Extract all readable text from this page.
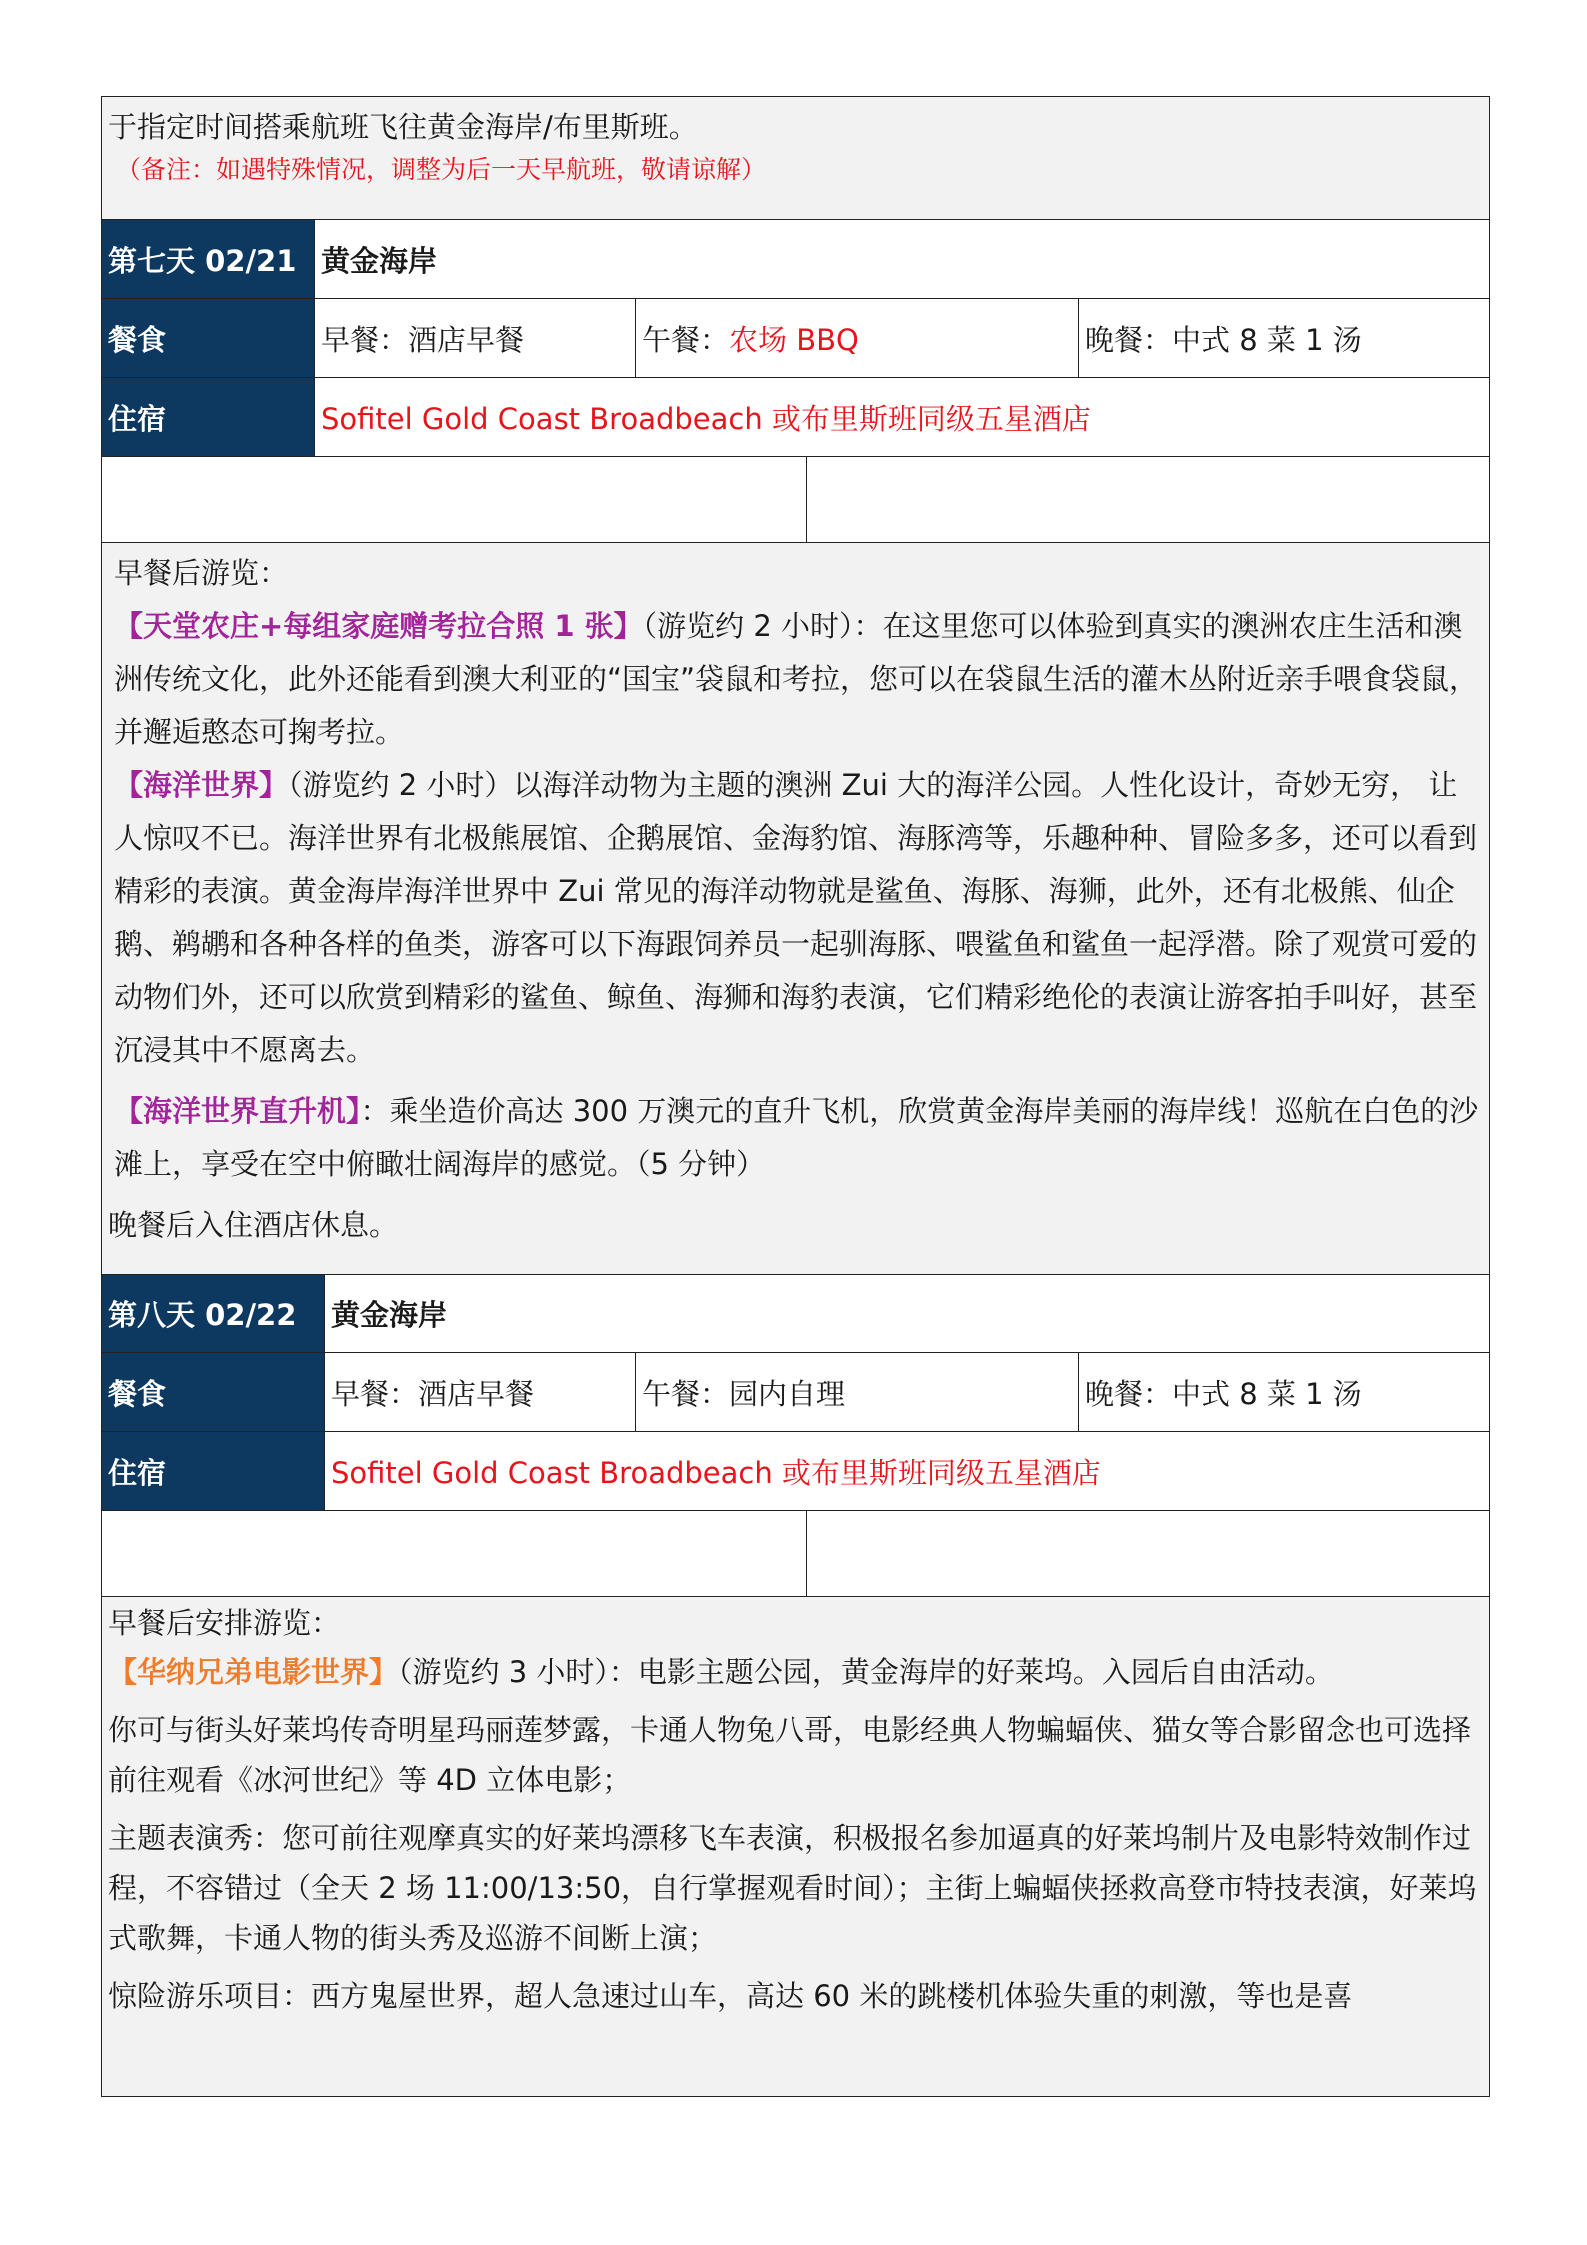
于指定时间搭乘航班飞往黄金海岸/布里斯班。

（备注：如遇特殊情况，调整为后一天早航班，敬请谅解）

第七天 02/21 黄金海岸
餐食	早餐：酒店早餐	午餐： 农场 BBQ	晚餐：中式 8 菜 1 汤
住宿	Sofitel Gold Coast Broadbeach 或布里斯班同级五星酒店

早餐后游览：

【天堂农庄+每组家庭赠考拉合照 1 张】（游览约 2 小时）：在这里您可以体验到真实的澳洲农庄生活和澳洲传统文化，此外还能看到澳大利亚的“国宝”袋鼠和考拉，您可以在袋鼠生活的灌木丛附近亲手喂食袋鼠，并邂逅憨态可掬考拉。

【海洋世界】（游览约 2 小时）以海洋动物为主题的澳洲 Zui 大的海洋公园。人性化设计，奇妙无穷， 让人惊叹不已。海洋世界有北极熊展馆、企鹅展馆、金海豹馆、海豚湾等，乐趣种种、冒险多多，还可以看到精彩的表演。黄金海岸海洋世界中 Zui 常见的海洋动物就是鲨鱼、海豚、海狮，此外，还有北极熊、仙企鹅、鹈鹕和各种各样的鱼类，游客可以下海跟饲养员一起驯海豚、喂鲨鱼和鲨鱼一起浮潜。除了观赏可爱的动物们外，还可以欣赏到精彩的鲨鱼、鲸鱼、海狮和海豹表演，它们精彩绝伦的表演让游客拍手叫好，甚至沉浸其中不愿离去。

【海洋世界直升机】：乘坐造价高达 300 万澳元的直升飞机，欣赏黄金海岸美丽的海岸线！巡航在白色的沙滩上，享受在空中俯瞰壮阔海岸的感觉。（5 分钟）

晚餐后入住酒店休息。

第八天 02/22	黄金海岸
餐食	早餐：酒店早餐	午餐：园内自理	晚餐：中式 8 菜 1 汤
住宿	Sofitel Gold Coast Broadbeach 或布里斯班同级五星酒店

早餐后安排游览：

【华纳兄弟电影世界】（游览约 3 小时）：电影主题公园，黄金海岸的好莱坞。入园后自由活动。

你可与街头好莱坞传奇明星玛丽莲梦露，卡通人物兔八哥，电影经典人物蝙蝠侠、猫女等合影留念也可选择前往观看《冰河世纪》等 4D 立体电影；

主题表演秀：您可前往观摩真实的好莱坞漂移飞车表演，积极报名参加逼真的好莱坞制片及电影特效制作过程，不容错过（全天 2 场 11:00/13:50，自行掌握观看时间）；主街上蝙蝠侠拯救高登市特技表演，好莱坞式歌舞，卡通人物的街头秀及巡游不间断上演；

惊险游乐项目：西方鬼屋世界，超人急速过山车，高达 60 米的跳楼机体验失重的刺激，等也是喜
